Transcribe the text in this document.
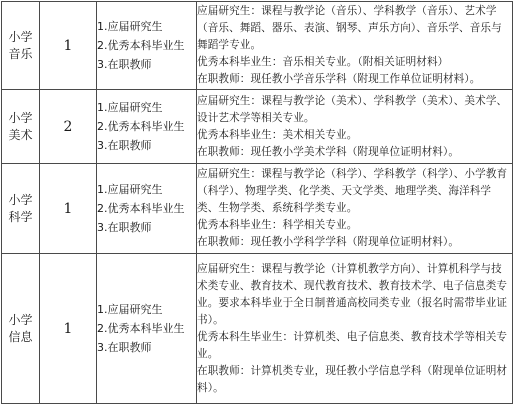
小学
音乐	1	1.应届研究生
2.优秀本科毕业生
3.在职教师	应届研究生：课程与教学论（音乐）、学科教学（音乐）、艺术学（音乐、舞蹈、器乐、表演、钢琴、声乐方向）、音乐学、音乐与舞蹈学专业。
优秀本科毕业生：音乐相关专业。（附相关证明材料）
在职教师：现任教小学音乐学科（附现工作单位证明材料）。

小学
美术	2	1.应届研究生
2.优秀本科毕业生
3.在职教师	应届研究生：课程与教学论（美术）、学科教学（美术）、美术学、设计艺术学等相关专业。
优秀本科毕业生：美术相关专业。
在职教师：现任教小学美术学科（附现单位证明材料）。

小学
科学	1	1.应届研究生
2.优秀本科毕业生
3.在职教师	应届研究生：课程与教学论（科学）、学科教学（科学）、小学教育（科学）、物理学类、化学类、天文学类、地理学类、海洋科学类、生物学类、系统科学类专业。
优秀本科毕业生：科学相关专业。
在职教师：现任教小学科学学科（附现单位证明材料）。

小学
信息	1	1.应届研究生
2.优秀本科毕业生
3.在职教师	应届研究生：课程与教学论（计算机教学方向）、计算机科学与技术类专业、教育技术、现代教育技术、教育技术学、电子信息类专业。要求本科毕业于全日制普通高校同类专业（报名时需带毕业证书）。
优秀本科生毕业生：计算机类、电子信息类、教育技术学等相关专业。
在职教师：计算机类专业，现任教小学信息学科（附现单位证明材料）。
